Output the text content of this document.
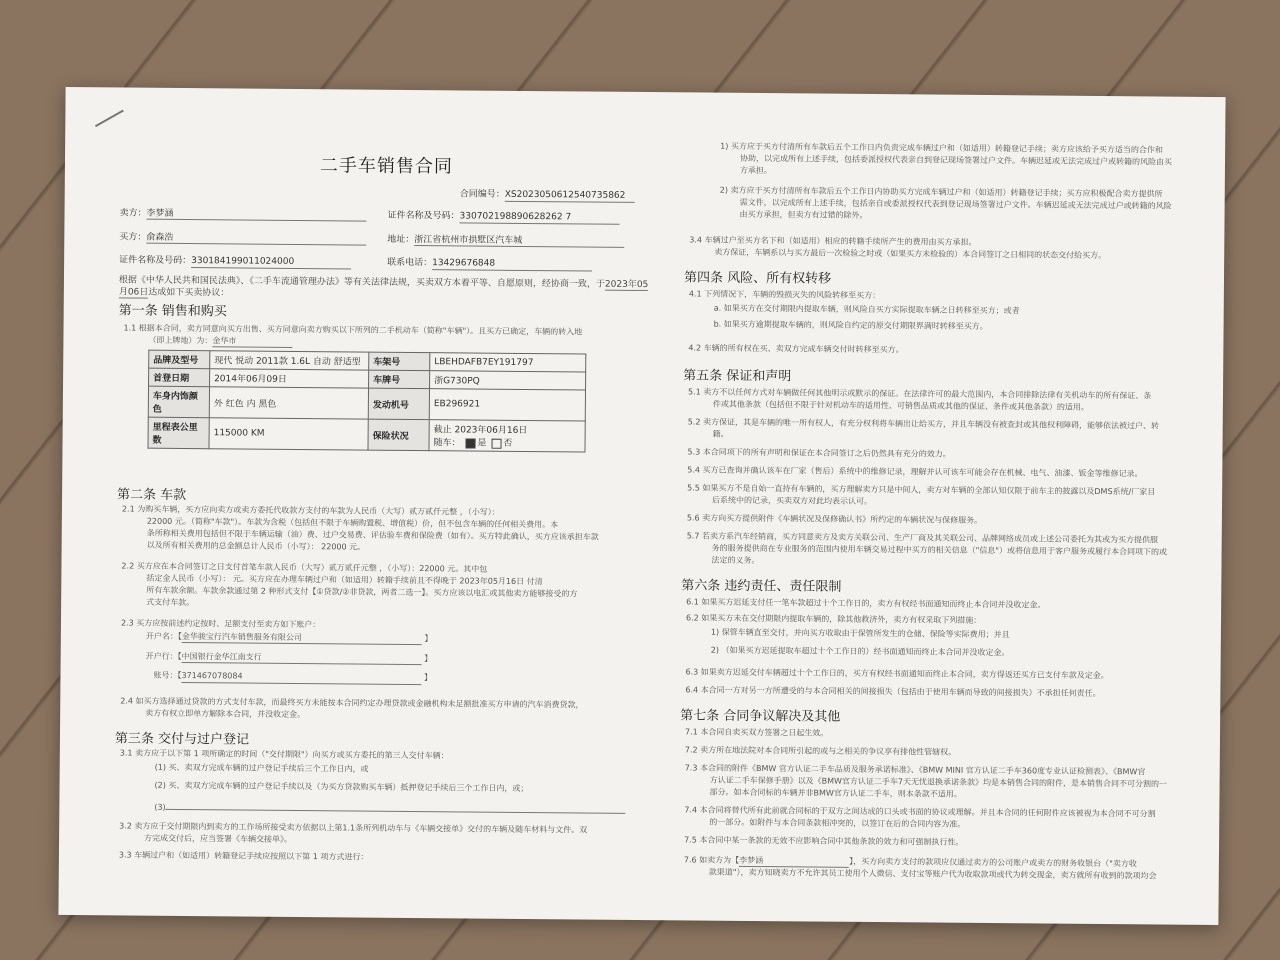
二手车销售合同
合同编号：XS2023050612540735862
卖方：李梦涵	证件名称及号码：330702198890628262 7
买方：俞森浩	地址：浙江省杭州市拱墅区汽车城
证件名称及号码：330184199011024000	联系电话：13429676848
根据《中华人民共和国民法典》、《二手车流通管理办法》等有关法律法规，买卖双方本着平等、自愿原则，经协商一致，于2023年05
月06日达成如下买卖协议：
第一条 销售和购买
1.1 根据本合同，卖方同意向买方出售、买方同意向卖方购买以下所列的二手机动车（简称"车辆"）。且买方已确定，车辆的转入地
（即上牌地）为：金华市
品牌及型号	现代 悦动 2011款 1.6L 自动 舒适型	车架号	LBEHDAFB7EY191797
首登日期	2014年06月09日	车牌号	浙G730PQ
车身内饰颜色	外 红色 内 黑色	发动机号	EB296921
里程表公里数	115000 KM	保险状况	截止 2023年06月16日
随车： 是 否
第二条 车款
2.1 为购买车辆，买方应向卖方或卖方委托代收款方支付的车款为人民币（大写）贰万贰仟元整 ，（小写）：
22000 元。（简称"车款"）。车款为含税（包括但不限于车辆购置税、增值税）价，但不包含车辆的任何相关费用。本
条所称相关费用包括但不限于车辆运输（油）费、过户交易费、评估验车费和保险费（如有）。买方特此确认，买方应该承担车款
以及所有相关费用的总金额总计人民币（小写）： 22000 元。
2.2 买方应在本合同签订之日支付首笔车款人民币（大写）贰万贰仟元整 ，（小写）：22000 元。其中包
括定金人民币（小写）： 元。买方应在办理车辆过户和（如适用）转籍手续前且不得晚于 2023年05月16日 付清
所有车款余额。车款余款通过第 2 种形式支付【①贷款/②非贷款，两者二选一】。买方应该以电汇或其他卖方能够接受的方
式支付车款。
2.3 买方应按前述约定按时、足额支付至卖方如下账户：
开户名：【金华骏宝行汽车销售服务有限公司	】
开户行：【中国银行金华江南支行	】
账号：【371467078084	】
2.4 如买方选择通过贷款的方式支付车款，而最终买方未能按本合同约定办理贷款或金融机构未足额批准买方申请的汽车消费贷款，
卖方有权立即单方解除本合同，并没收定金。
第三条 交付与过户登记
3.1 卖方应于以下第 1 项所确定的时间（"交付期限"）向买方或买方委托的第三人交付车辆：
(1) 买、卖双方完成车辆的过户登记手续后三个工作日内，或
(2) 买、卖双方完成车辆的过户登记手续以及（为买方贷款购买车辆）抵押登记手续后三个工作日内，或；
(3)
3.2 卖方应于交付期限内到卖方的工作场所接受卖方依据以上第1.1条所列机动车与《车辆交接单》交付的车辆及随车材料与文件。双
方完成交付后，应当签署《车辆交接单》。
3.3 车辆过户和（如适用）转籍登记手续应按照以下第 1 项方式进行：
1) 买方应于买方付清所有车款后五个工作日内负责完成车辆过户和（如适用）转籍登记手续；卖方应该给予买方适当的合作和
协助，以完成所有上述手续，包括委派授权代表亲自到登记现场签署过户文件。车辆迟延或无法完成过户或转籍的风险由买
方承担。
2) 卖方应于买方付清所有车款后五个工作日内协助买方完成车辆过户和（如适用）转籍登记手续；买方应积极配合卖方提供所
需文件，以完成所有上述手续，包括亲自或委派授权代表到登记现场签署过户文件。车辆迟延或无法完成过户或转籍的风险
由买方承担，但卖方有过错的除外。
3.4 车辆过户至买方名下和（如适用）相应的转籍手续所产生的费用由买方承担。
卖方保证，车辆系以与买方最后一次检验之时或（如果买方未检验的）本合同签订之日相同的状态交付给买方。
第四条 风险、所有权转移
4.1 下列情况下，车辆的毁损灭失的风险转移至买方：
a. 如果买方在交付期限内提取车辆，则风险自买方实际提取车辆之日转移至买方；或者
b. 如果买方逾期提取车辆的，则风险自约定的原交付期限界满时转移至买方。
4.2 车辆的所有权在买、卖双方完成车辆交付时转移至买方。
第五条 保证和声明
5.1 卖方不以任何方式对车辆做任何其他明示或默示的保证。在法律许可的最大范围内，本合同排除法律有关机动车的所有保证、条
件或其他条款（包括但不限于针对机动车的适用性、可销售品质或其他的保证、条件或其他条款）的适用。
5.2 卖方保证，其是车辆的唯一所有权人，有充分权利将车辆出让给买方，并且车辆没有被查封或其他权利障碍，能够依法被过户、转
籍。
5.3 本合同项下的所有声明和保证在本合同签订之后仍然具有充分的效力。
5.4 买方已查询并确认该车在厂家（售后）系统中的维修记录，理解并认可该车可能会存在机械、电气、油漆、钣金等维修记录。
5.5 如果买方不是自始一直持有车辆的，买方理解卖方只是中间人，卖方对车辆的全部认知仅限于前车主的披露以及DMS系统/厂家目
后系统中的记录，买卖双方对此均表示认可。
5.6 卖方向买方提供附件《车辆状况及保修确认书》所约定的车辆状况与保修服务。
5.7 若卖方系汽车经销商，买方同意卖方及卖方关联公司、生产厂商及其关联公司、品牌网络成员或上述公司委托为其或为买方提供服
务的服务提供商在专业服务的范围内使用车辆交易过程中买方的相关信息（"信息"）或将信息用于客户服务或履行本合同项下的或
法定的义务。
第六条 违约责任、责任限制
6.1 如果买方迟延支付任一笔车款超过十个工作日的，卖方有权经书面通知而终止本合同并没收定金。
6.2 如果买方未在交付期限内提取车辆的，除其他救济外，卖方有权采取下列措施：
1) 保管车辆直至交付，并向买方收取由于保管所发生的仓储、保险等实际费用；并且
2) （如果买方迟延提取车超过十个工作日的）经书面通知而终止本合同并没收定金。
6.3 如果卖方迟延交付车辆超过十个工作日的，买方有权经书面通知而终止本合同，卖方得返还买方已支付车款及定金。
6.4 本合同一方对另一方所遭受的与本合同相关的间接损失（包括由于使用车辆而导致的间接损失）不承担任何责任。
第七条 合同争议解决及其他
7.1 本合同自卖买双方签署之日起生效。
7.2 卖方所在地法院对本合同所引起的或与之相关的争议享有排他性管辖权。
7.3 本合同的附件《BMW 官方认证二手车品质及服务承诺标准》、《BMW MINI 官方认证二手车360度专业认证检测表》、《BMW官
方认证二手车保修手册》以及《BMW官方认证二手车7天无忧退换承诺条款》均是本销售合同的附件，是本销售合同不可分割的一
部分。如本合同标的车辆并非BMW官方认证二手车，则本条款不适用。
7.4 本合同将替代所有此前就合同标的于双方之间达成的口头或书面的协议或理解。并且本合同的任何附件应该被视为本合同不可分割
的一部分。如附件与本合同条款相冲突的，以签订在后的合同内容为准。
7.5 本合同中某一条款的无效不应影响合同中其他条款的效力和可强制执行性。
7.6 如卖方为【李梦涵	】，买方向卖方支付的款项应仅通过卖方的公司账户或卖方的财务收银台（"卖方收
款渠道"），卖方知晓卖方不允许其员工使用个人微信、支付宝等账户代为收取款项或代为转交现金，卖方就所有收到的款项均会
